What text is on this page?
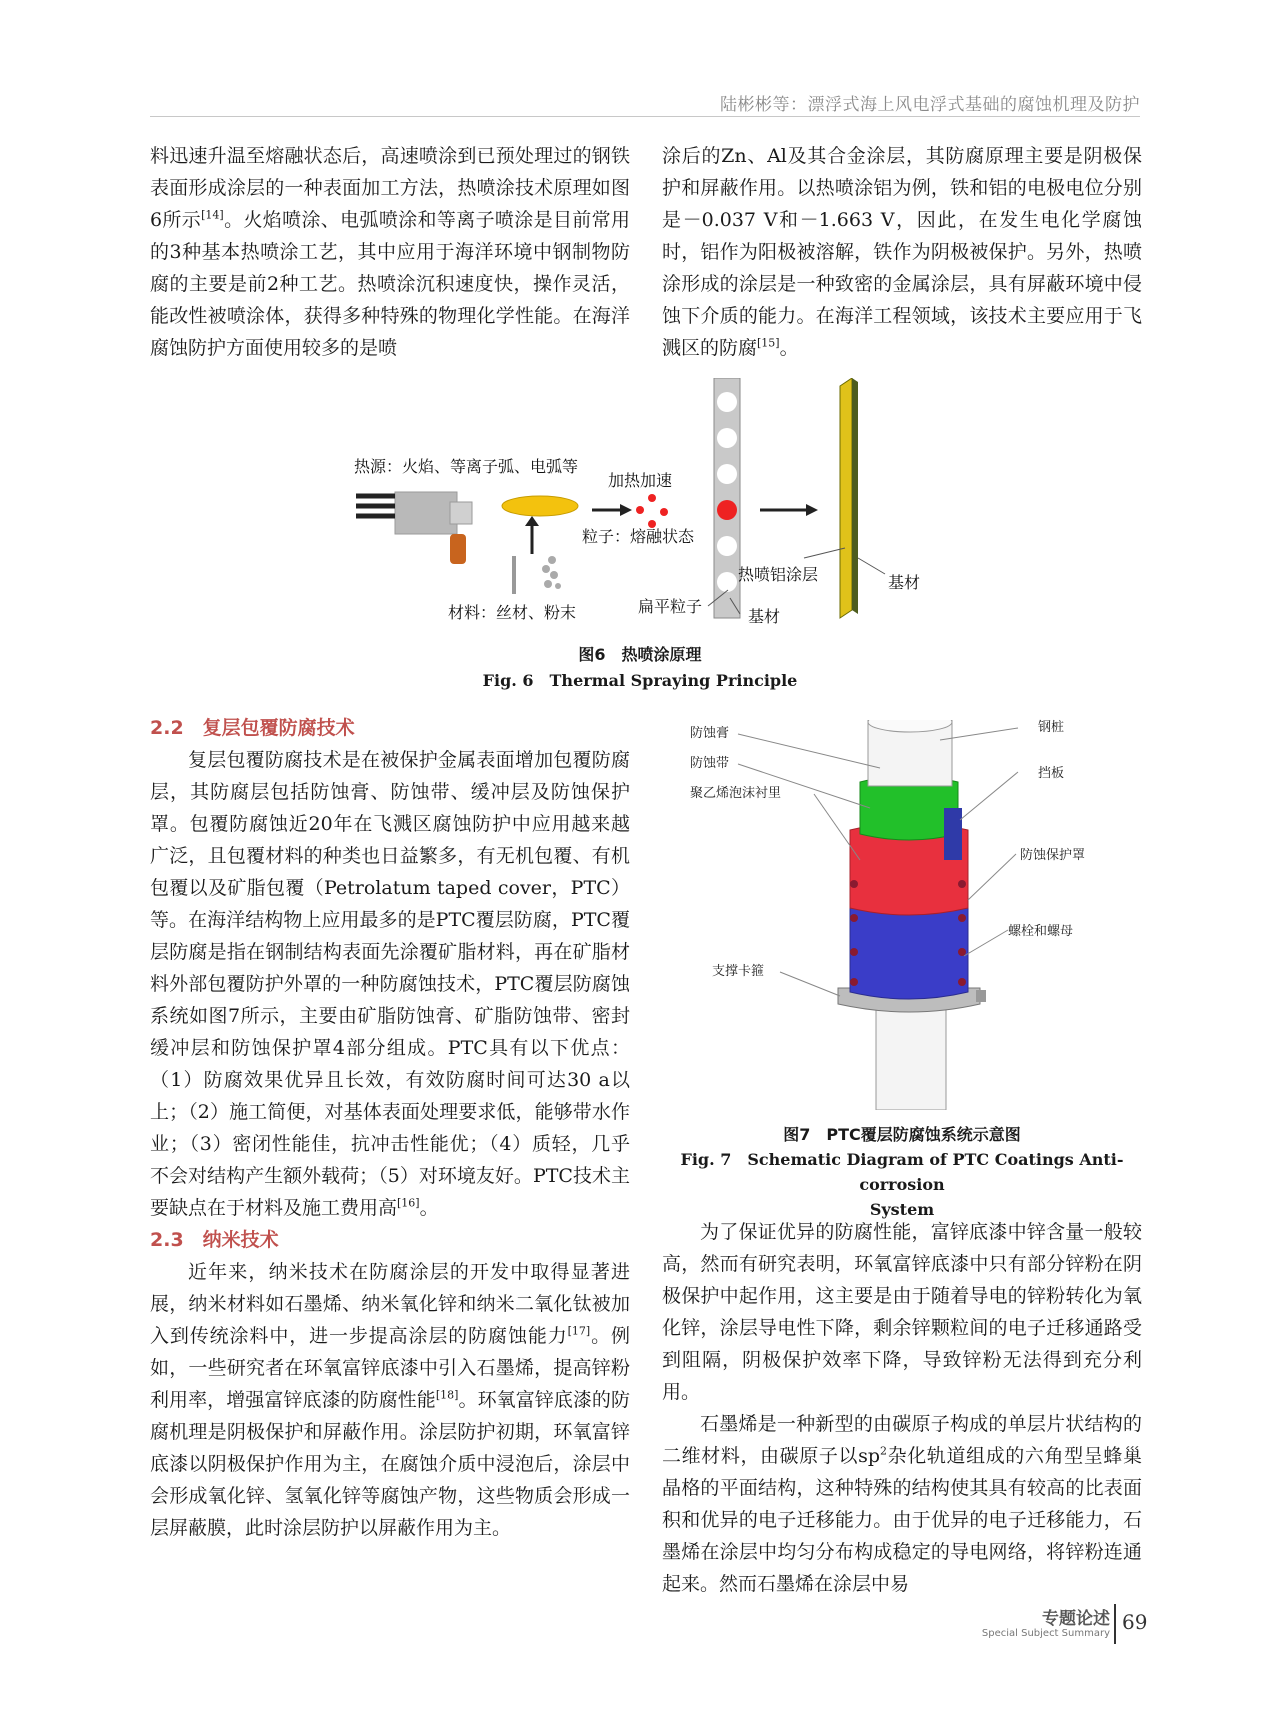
陆彬彬等：漂浮式海上风电浮式基础的腐蚀机理及防护

料迅速升温至熔融状态后，高速喷涂到已预处理过的钢铁表面形成涂层的一种表面加工方法，热喷涂技术原理如图6所示[14]。火焰喷涂、电弧喷涂和等离子喷涂是目前常用的3种基本热喷涂工艺，其中应用于海洋环境中钢制物防腐的主要是前2种工艺。热喷涂沉积速度快，操作灵活，能改性被喷涂体，获得多种特殊的物理化学性能。在海洋腐蚀防护方面使用较多的是喷

涂后的Zn、Al及其合金涂层，其防腐原理主要是阴极保护和屏蔽作用。以热喷涂铝为例，铁和铝的电极电位分别是－0.037 V和－1.663 V，因此，在发生电化学腐蚀时，铝作为阳极被溶解，铁作为阴极被保护。另外，热喷涂形成的涂层是一种致密的金属涂层，具有屏蔽环境中侵蚀下介质的能力。在海洋工程领域，该技术主要应用于飞溅区的防腐[15]。

热源：火焰、等离子弧、电弧等
加热加速
粒子：熔融状态
材料：丝材、粉末	扁平粒子
基材
热喷铝涂层	基材
图6　热喷涂原理
Fig. 6　Thermal Spraying Principle
2.2　复层包覆防腐技术

复层包覆防腐技术是在被保护金属表面增加包覆防腐层，其防腐层包括防蚀膏、防蚀带、缓冲层及防蚀保护罩。包覆防腐蚀近20年在飞溅区腐蚀防护中应用越来越广泛，且包覆材料的种类也日益繁多，有无机包覆、有机包覆以及矿脂包覆（Petrolatum taped cover，PTC）等。在海洋结构物上应用最多的是PTC覆层防腐，PTC覆层防腐是指在钢制结构表面先涂覆矿脂材料，再在矿脂材料外部包覆防护外罩的一种防腐蚀技术，PTC覆层防腐蚀系统如图7所示，主要由矿脂防蚀膏、矿脂防蚀带、密封缓冲层和防蚀保护罩4部分组成。PTC具有以下优点：（1）防腐效果优异且长效，有效防腐时间可达30 a以上；（2）施工简便，对基体表面处理要求低，能够带水作业；（3）密闭性能佳，抗冲击性能优；（4）质轻，几乎不会对结构产生额外载荷；（5）对环境友好。PTC技术主要缺点在于材料及施工费用高[16]。

2.3　纳米技术

近年来，纳米技术在防腐涂层的开发中取得显著进展，纳米材料如石墨烯、纳米氧化锌和纳米二氧化钛被加入到传统涂料中，进一步提高涂层的防腐蚀能力[17]。例如，一些研究者在环氧富锌底漆中引入石墨烯，提高锌粉利用率，增强富锌底漆的防腐性能[18]。环氧富锌底漆的防腐机理是阴极保护和屏蔽作用。涂层防护初期，环氧富锌底漆以阴极保护作用为主，在腐蚀介质中浸泡后，涂层中会形成氧化锌、氢氧化锌等腐蚀产物，这些物质会形成一层屏蔽膜，此时涂层防护以屏蔽作用为主。

防蚀膏
防蚀带
聚乙烯泡沫衬里
钢桩
挡板
防蚀保护罩
螺栓和螺母
支撑卡箍
图7　PTC覆层防腐蚀系统示意图
Fig. 7　Schematic Diagram of PTC Coatings Anti-corrosion
System

为了保证优异的防腐性能，富锌底漆中锌含量一般较高，然而有研究表明，环氧富锌底漆中只有部分锌粉在阴极保护中起作用，这主要是由于随着导电的锌粉转化为氧化锌，涂层导电性下降，剩余锌颗粒间的电子迁移通路受到阻隔，阴极保护效率下降，导致锌粉无法得到充分利用。

石墨烯是一种新型的由碳原子构成的单层片状结构的二维材料，由碳原子以$sp^2$杂化轨道组成的六角型呈蜂巢晶格的平面结构，这种特殊的结构使其具有较高的比表面积和优异的电子迁移能力。由于优异的电子迁移能力，石墨烯在涂层中均匀分布构成稳定的导电网络，将锌粉连通起来。然而石墨烯在涂层中易

专题论述
Special Subject Summary 69
